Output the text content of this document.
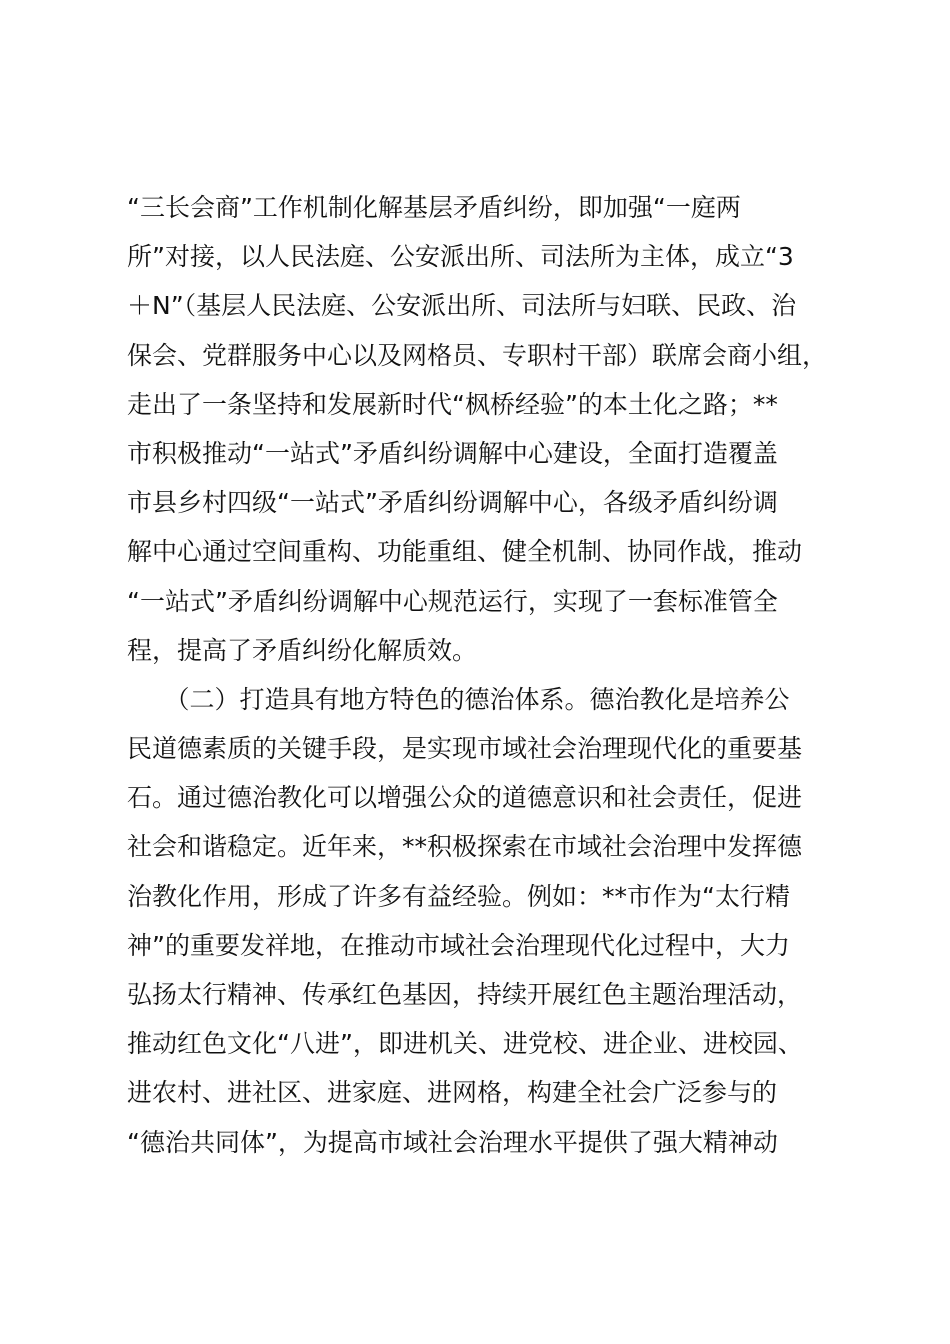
“三长会商”工作机制化解基层矛盾纠纷，即加强“一庭两
所”对接，以人民法庭、公安派出所、司法所为主体，成立“3
＋N”（基层人民法庭、公安派出所、司法所与妇联、民政、治
保会、党群服务中心以及网格员、专职村干部）联席会商小组，
走出了一条坚持和发展新时代“枫桥经验”的本土化之路；**
市积极推动“一站式”矛盾纠纷调解中心建设，全面打造覆盖
市县乡村四级“一站式”矛盾纠纷调解中心，各级矛盾纠纷调
解中心通过空间重构、功能重组、健全机制、协同作战，推动
“一站式”矛盾纠纷调解中心规范运行，实现了一套标准管全
程，提高了矛盾纠纷化解质效。
　　（二）打造具有地方特色的德治体系。德治教化是培养公
民道德素质的关键手段，是实现市域社会治理现代化的重要基
石。通过德治教化可以增强公众的道德意识和社会责任，促进
社会和谐稳定。近年来，**积极探索在市域社会治理中发挥德
治教化作用，形成了许多有益经验。例如：**市作为“太行精
神”的重要发祥地，在推动市域社会治理现代化过程中，大力
弘扬太行精神、传承红色基因，持续开展红色主题治理活动，
推动红色文化“八进”，即进机关、进党校、进企业、进校园、
进农村、进社区、进家庭、进网格，构建全社会广泛参与的
“德治共同体”，为提高市域社会治理水平提供了强大精神动
